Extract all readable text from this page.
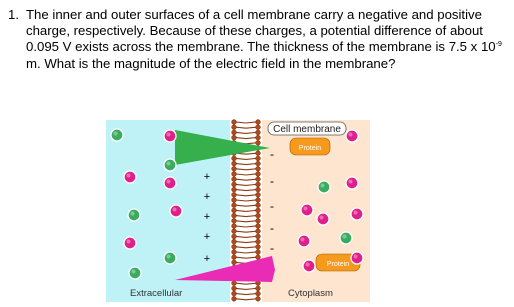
1. The inner and outer surfaces of a cell membrane carry a negative and positive charge, respectively. Because of these charges, a potential difference of about 0.095 V exists across the membrane. The thickness of the membrane is 7.5 x $10^{-9}$ m. What is the magnitude of the electric field in the membrane?
+
+
+
+
+
-
-
-
-
-
Cell membrane
Protein
Protein
Extracellular	Cytoplasm
